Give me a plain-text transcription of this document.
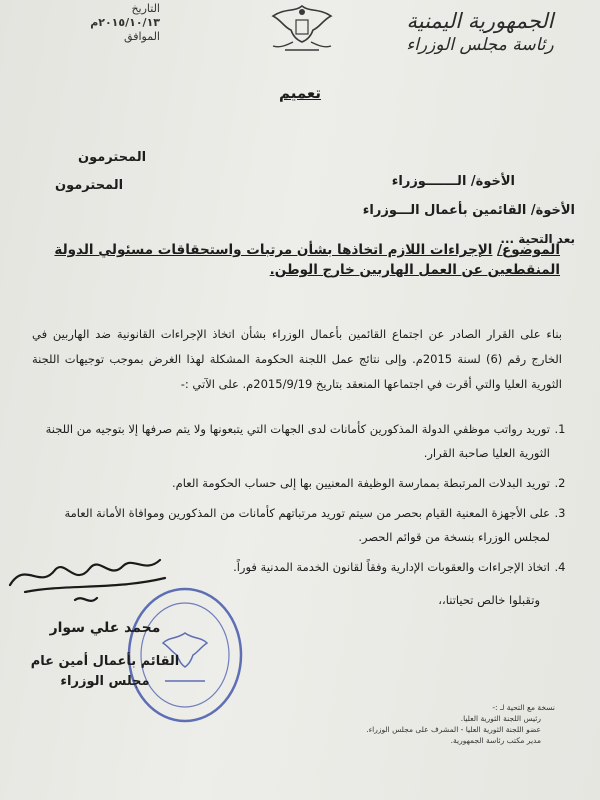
الجمهورية اليمنية
رئاسة مجلس الوزراء
التاريخ
٢٠١٥/١٠/١٣م
الموافق
تعميم
المحترمون
المحترمون	الأخوة/ الـــــــوزراء
الأخوة/ القائمين بأعمال الـــوزراء
بعد التحية ...
الموضوع/ الإجراءات اللازم اتخاذها بشأن مرتبات واستحقاقات مسئولي الدولة
المنقطعين عن العمل الهاربين خارج الوطن.
بناء على القرار الصادر عن اجتماع القائمين بأعمال الوزراء بشأن اتخاذ الإجراءات القانونية ضد الهاربين في الخارج رقم (6) لسنة 2015م. وإلى نتائج عمل اللجنة الحكومة المشكلة لهذا الغرض بموجب توجيهات اللجنة الثورية العليا والتي أقرت في اجتماعها المنعقد بتاريخ 2015/9/19م. على الآتي :-
1.
توريد رواتب موظفي الدولة المذكورين كأمانات لدى الجهات التي يتبعونها ولا يتم صرفها إلا بتوجيه من اللجنة الثورية العليا صاحبة القرار.
2.
توريد البدلات المرتبطة بممارسة الوظيفة المعنيين بها إلى حساب الحكومة العام.
3.
على الأجهزة المعنية القيام بحصر من سيتم توريد مرتباتهم كأمانات من المذكورين وموافاة الأمانة العامة لمجلس الوزراء بنسخة من قوائم الحصر.
4.
اتخاذ الإجراءات والعقوبات الإدارية وفقاً لقانون الخدمة المدنية فوراً.
وتقبلوا خالص تحياتنا،،
محمد علي سوار
القائم بأعمال أمين عام مجلس الوزراء
نسخة مع التحية لـ :-
رئيس اللجنة الثورية العليا.
عضو اللجنة الثورية العليا - المشرف على مجلس الوزراء.
مدير مكتب رئاسة الجمهورية.
